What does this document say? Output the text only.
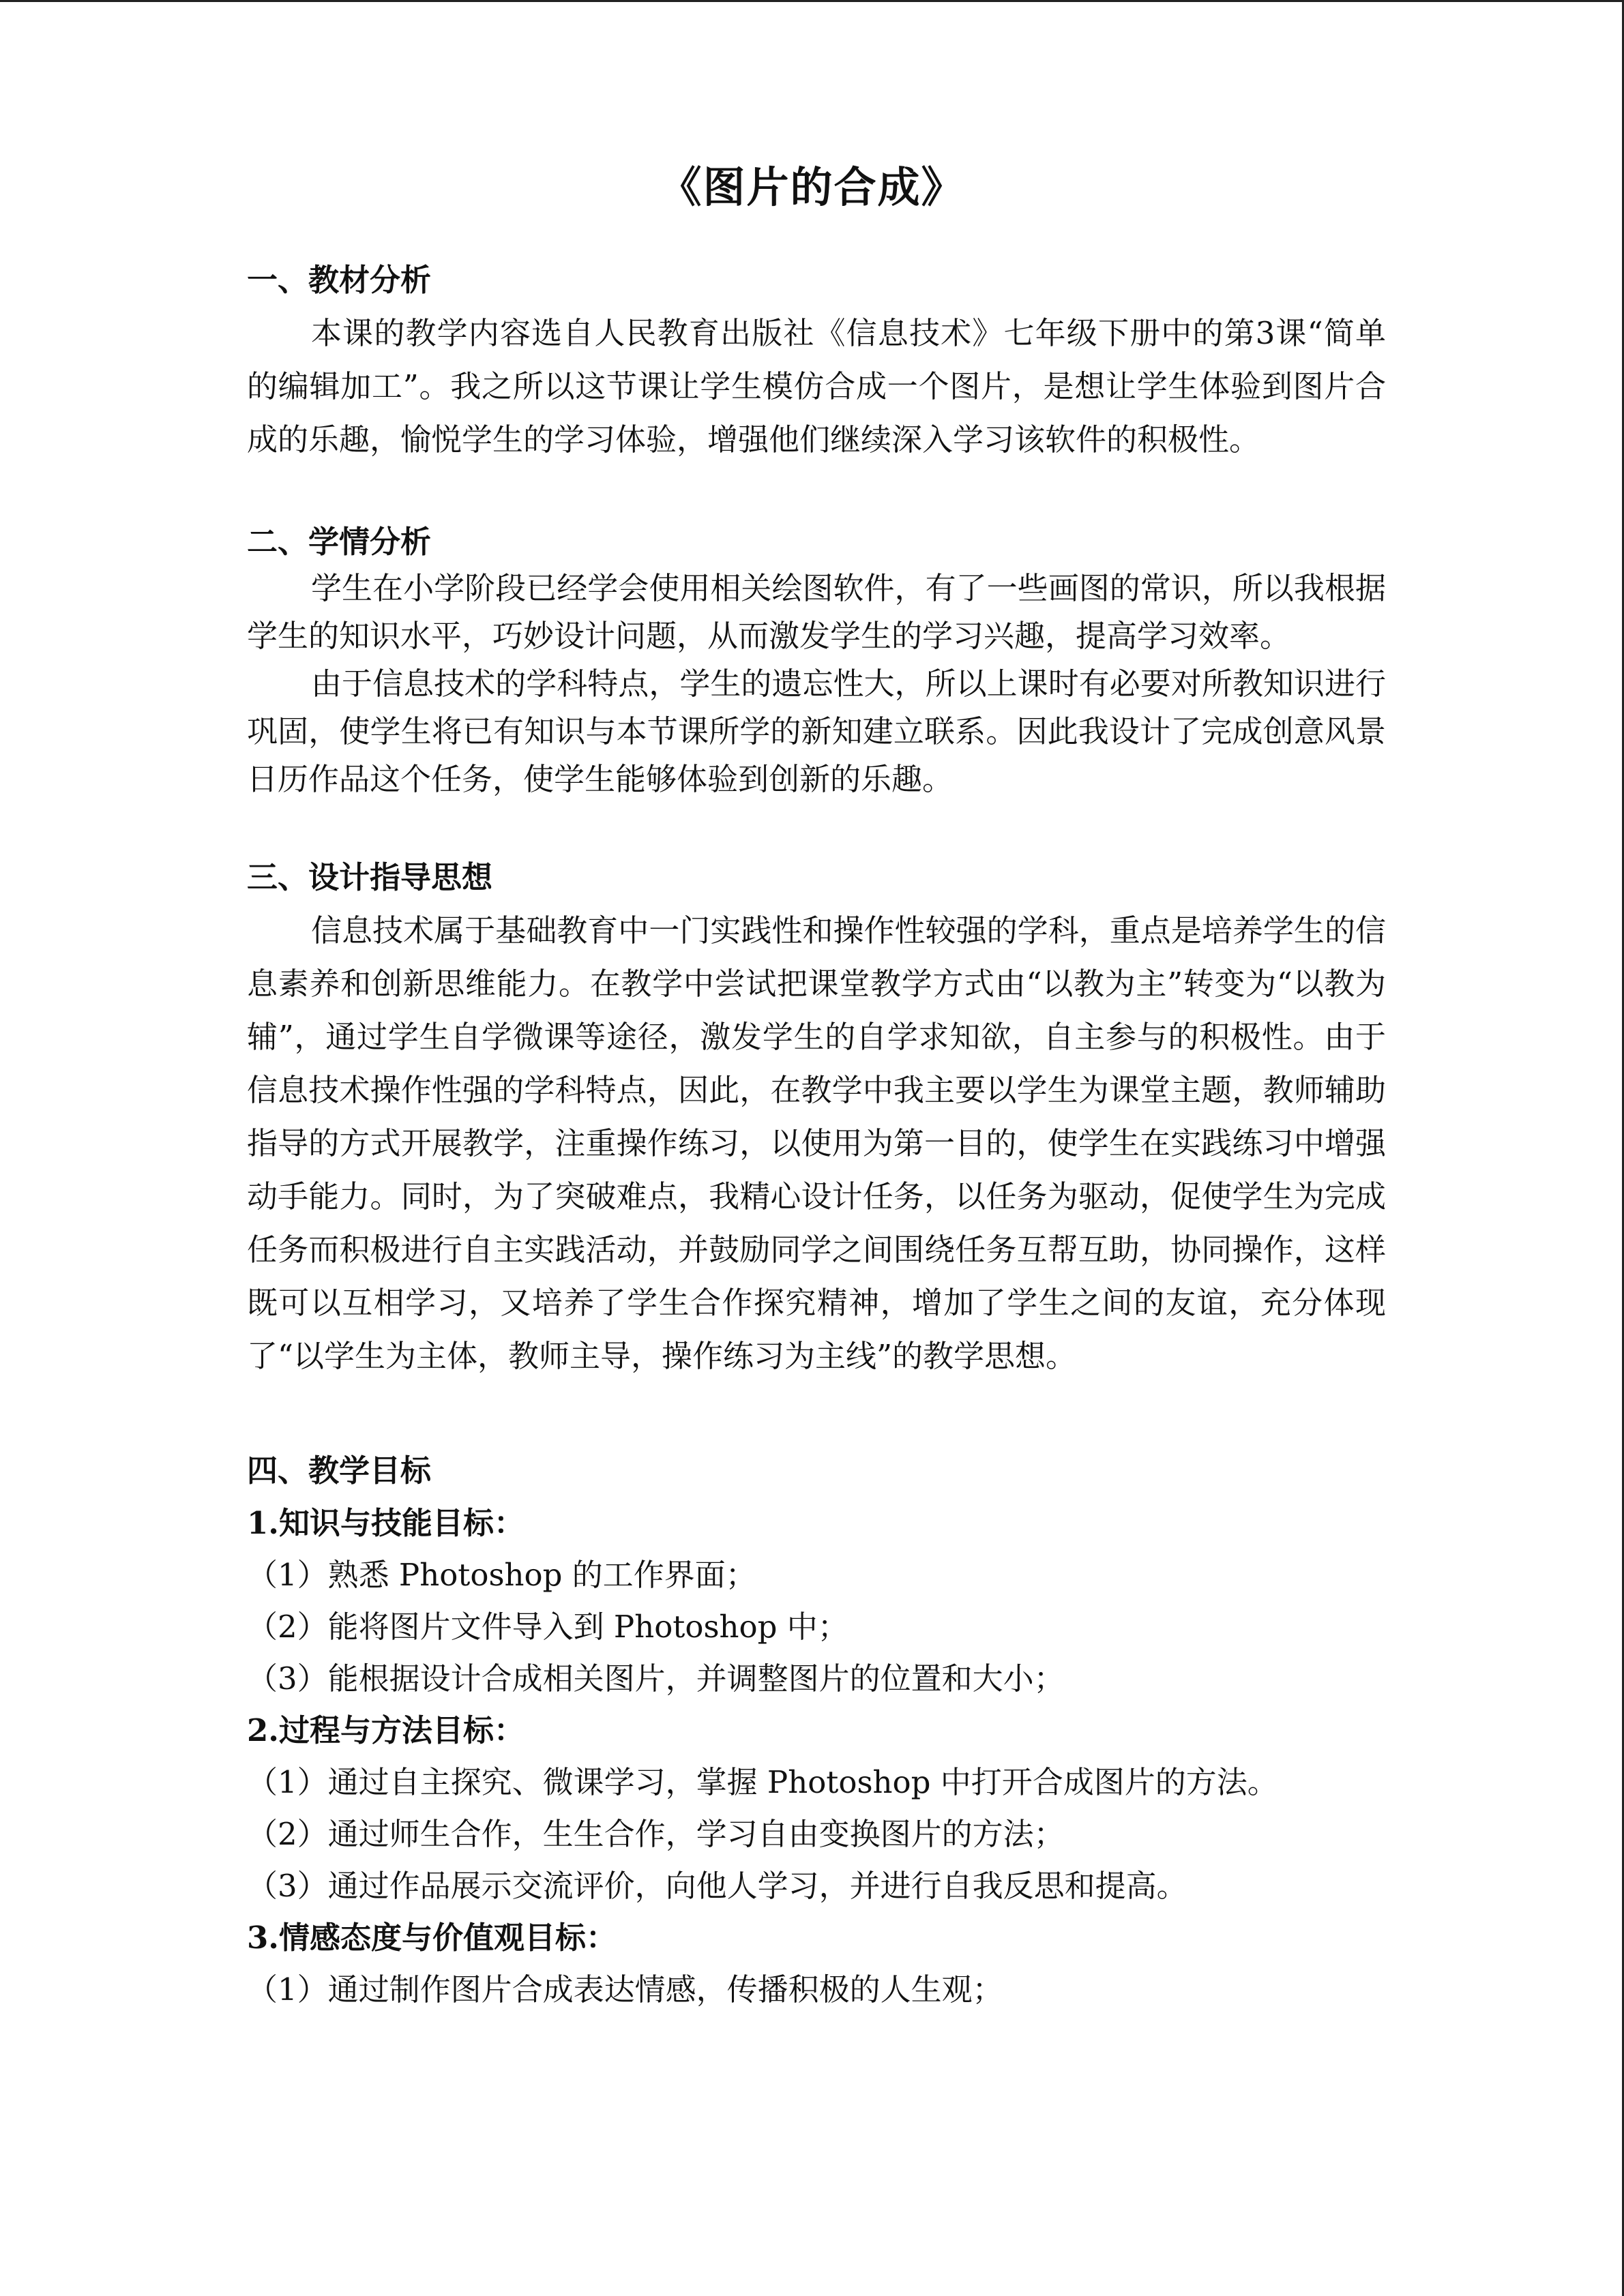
《图片的合成》

一、教材分析

本课的教学内容选自人民教育出版社《信息技术》七年级下册中的第3课“简单的编辑加工”。我之所以这节课让学生模仿合成一个图片，是想让学生体验到图片合成的乐趣，愉悦学生的学习体验，增强他们继续深入学习该软件的积极性。

二、学情分析

学生在小学阶段已经学会使用相关绘图软件，有了一些画图的常识，所以我根据学生的知识水平，巧妙设计问题，从而激发学生的学习兴趣，提高学习效率。

由于信息技术的学科特点，学生的遗忘性大，所以上课时有必要对所教知识进行巩固，使学生将已有知识与本节课所学的新知建立联系。因此我设计了完成创意风景日历作品这个任务，使学生能够体验到创新的乐趣。

三、设计指导思想

信息技术属于基础教育中一门实践性和操作性较强的学科，重点是培养学生的信息素养和创新思维能力。在教学中尝试把课堂教学方式由“以教为主”转变为“以教为辅”，通过学生自学微课等途径，激发学生的自学求知欲，自主参与的积极性。由于信息技术操作性强的学科特点，因此，在教学中我主要以学生为课堂主题，教师辅助指导的方式开展教学，注重操作练习，以使用为第一目的，使学生在实践练习中增强动手能力。同时，为了突破难点，我精心设计任务，以任务为驱动，促使学生为完成任务而积极进行自主实践活动，并鼓励同学之间围绕任务互帮互助，协同操作，这样既可以互相学习，又培养了学生合作探究精神，增加了学生之间的友谊，充分体现了“以学生为主体，教师主导，操作练习为主线”的教学思想。

四、教学目标

1.知识与技能目标：

（1）熟悉 Photoshop 的工作界面；

（2）能将图片文件导入到 Photoshop 中；

（3）能根据设计合成相关图片，并调整图片的位置和大小；

2.过程与方法目标：

（1）通过自主探究、微课学习，掌握 Photoshop 中打开合成图片的方法。

（2）通过师生合作，生生合作，学习自由变换图片的方法；

（3）通过作品展示交流评价，向他人学习，并进行自我反思和提高。

3.情感态度与价值观目标：

（1）通过制作图片合成表达情感，传播积极的人生观；
